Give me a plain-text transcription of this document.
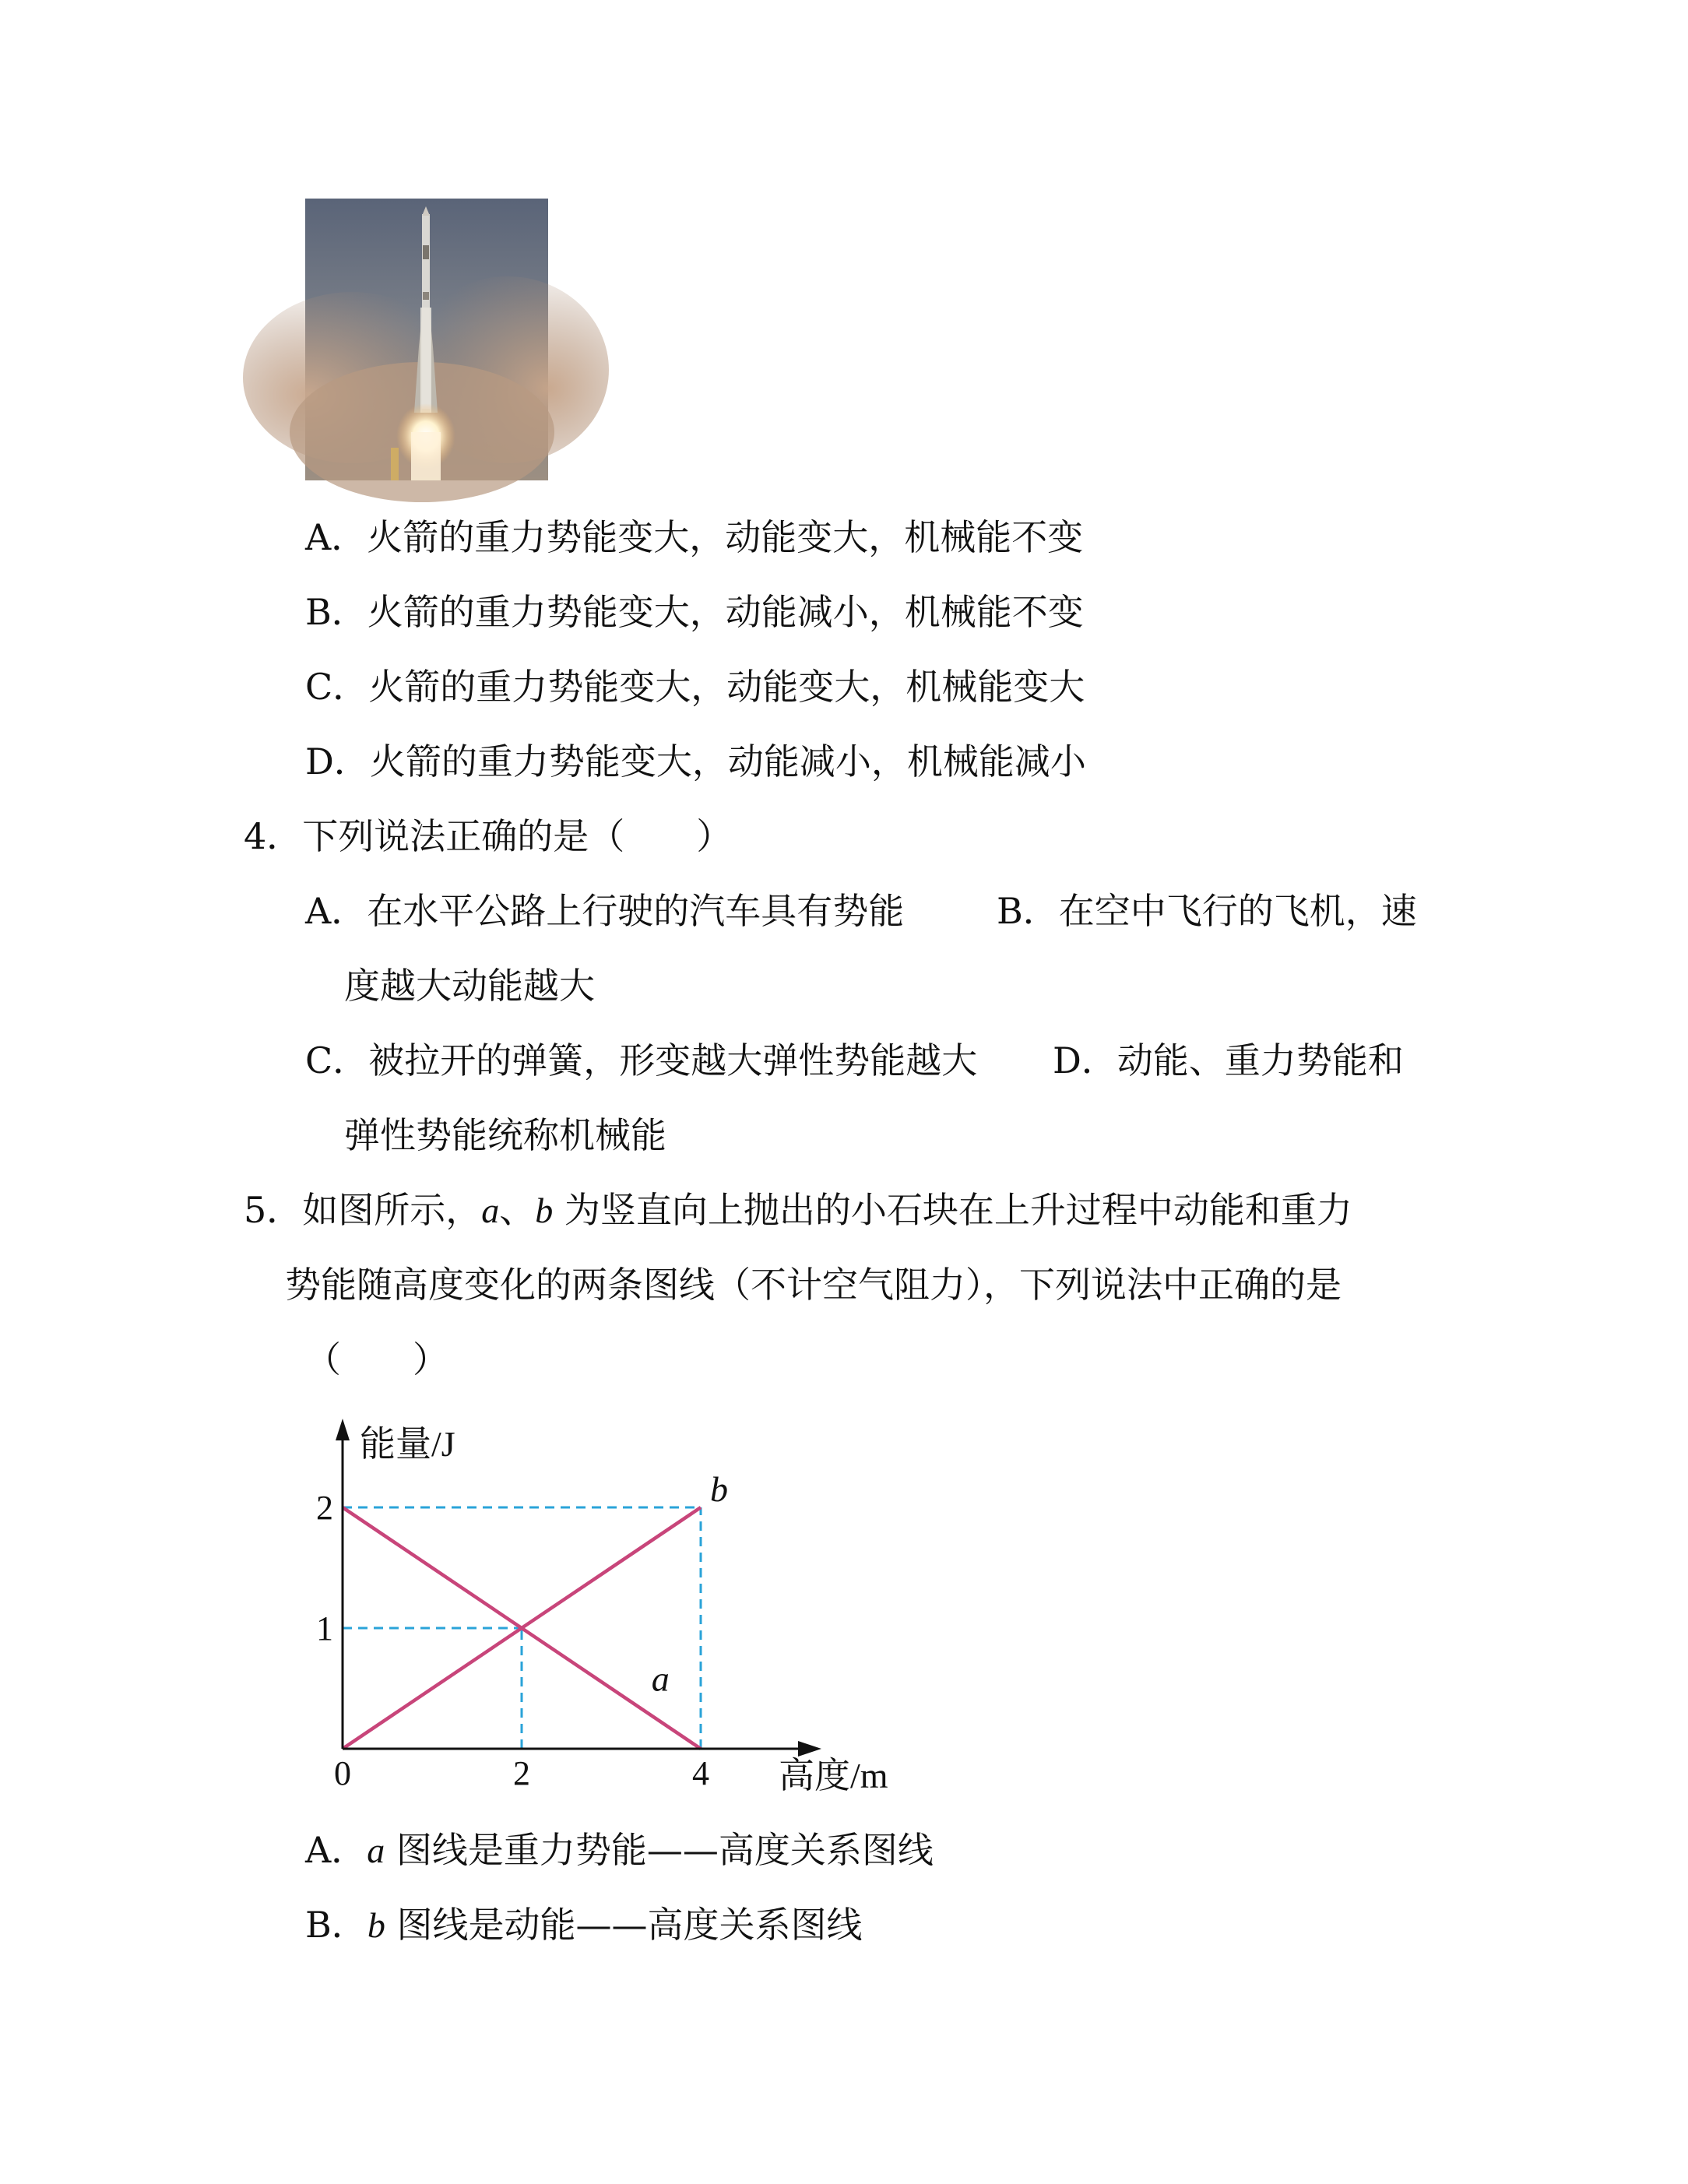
A．火箭的重力势能变大，动能变大，机械能不变
B．火箭的重力势能变大，动能减小，机械能不变
C．火箭的重力势能变大，动能变大，机械能变大
D．火箭的重力势能变大，动能减小，机械能减小
4．下列说法正确的是（　　）
A．在水平公路上行驶的汽车具有势能	B．在空中飞行的飞机，速
度越大动能越大
C．被拉开的弹簧，形变越大弹性势能越大 D．动能、重力势能和
弹性势能统称机械能
5．如图所示，a、b 为竖直向上抛出的小石块在上升过程中动能和重力
势能随高度变化的两条图线（不计空气阻力），下列说法中正确的是
（　　）
0	2	4
1
2
能量/J
高度/m
b
a
A．a 图线是重力势能——高度关系图线
B．b 图线是动能——高度关系图线
